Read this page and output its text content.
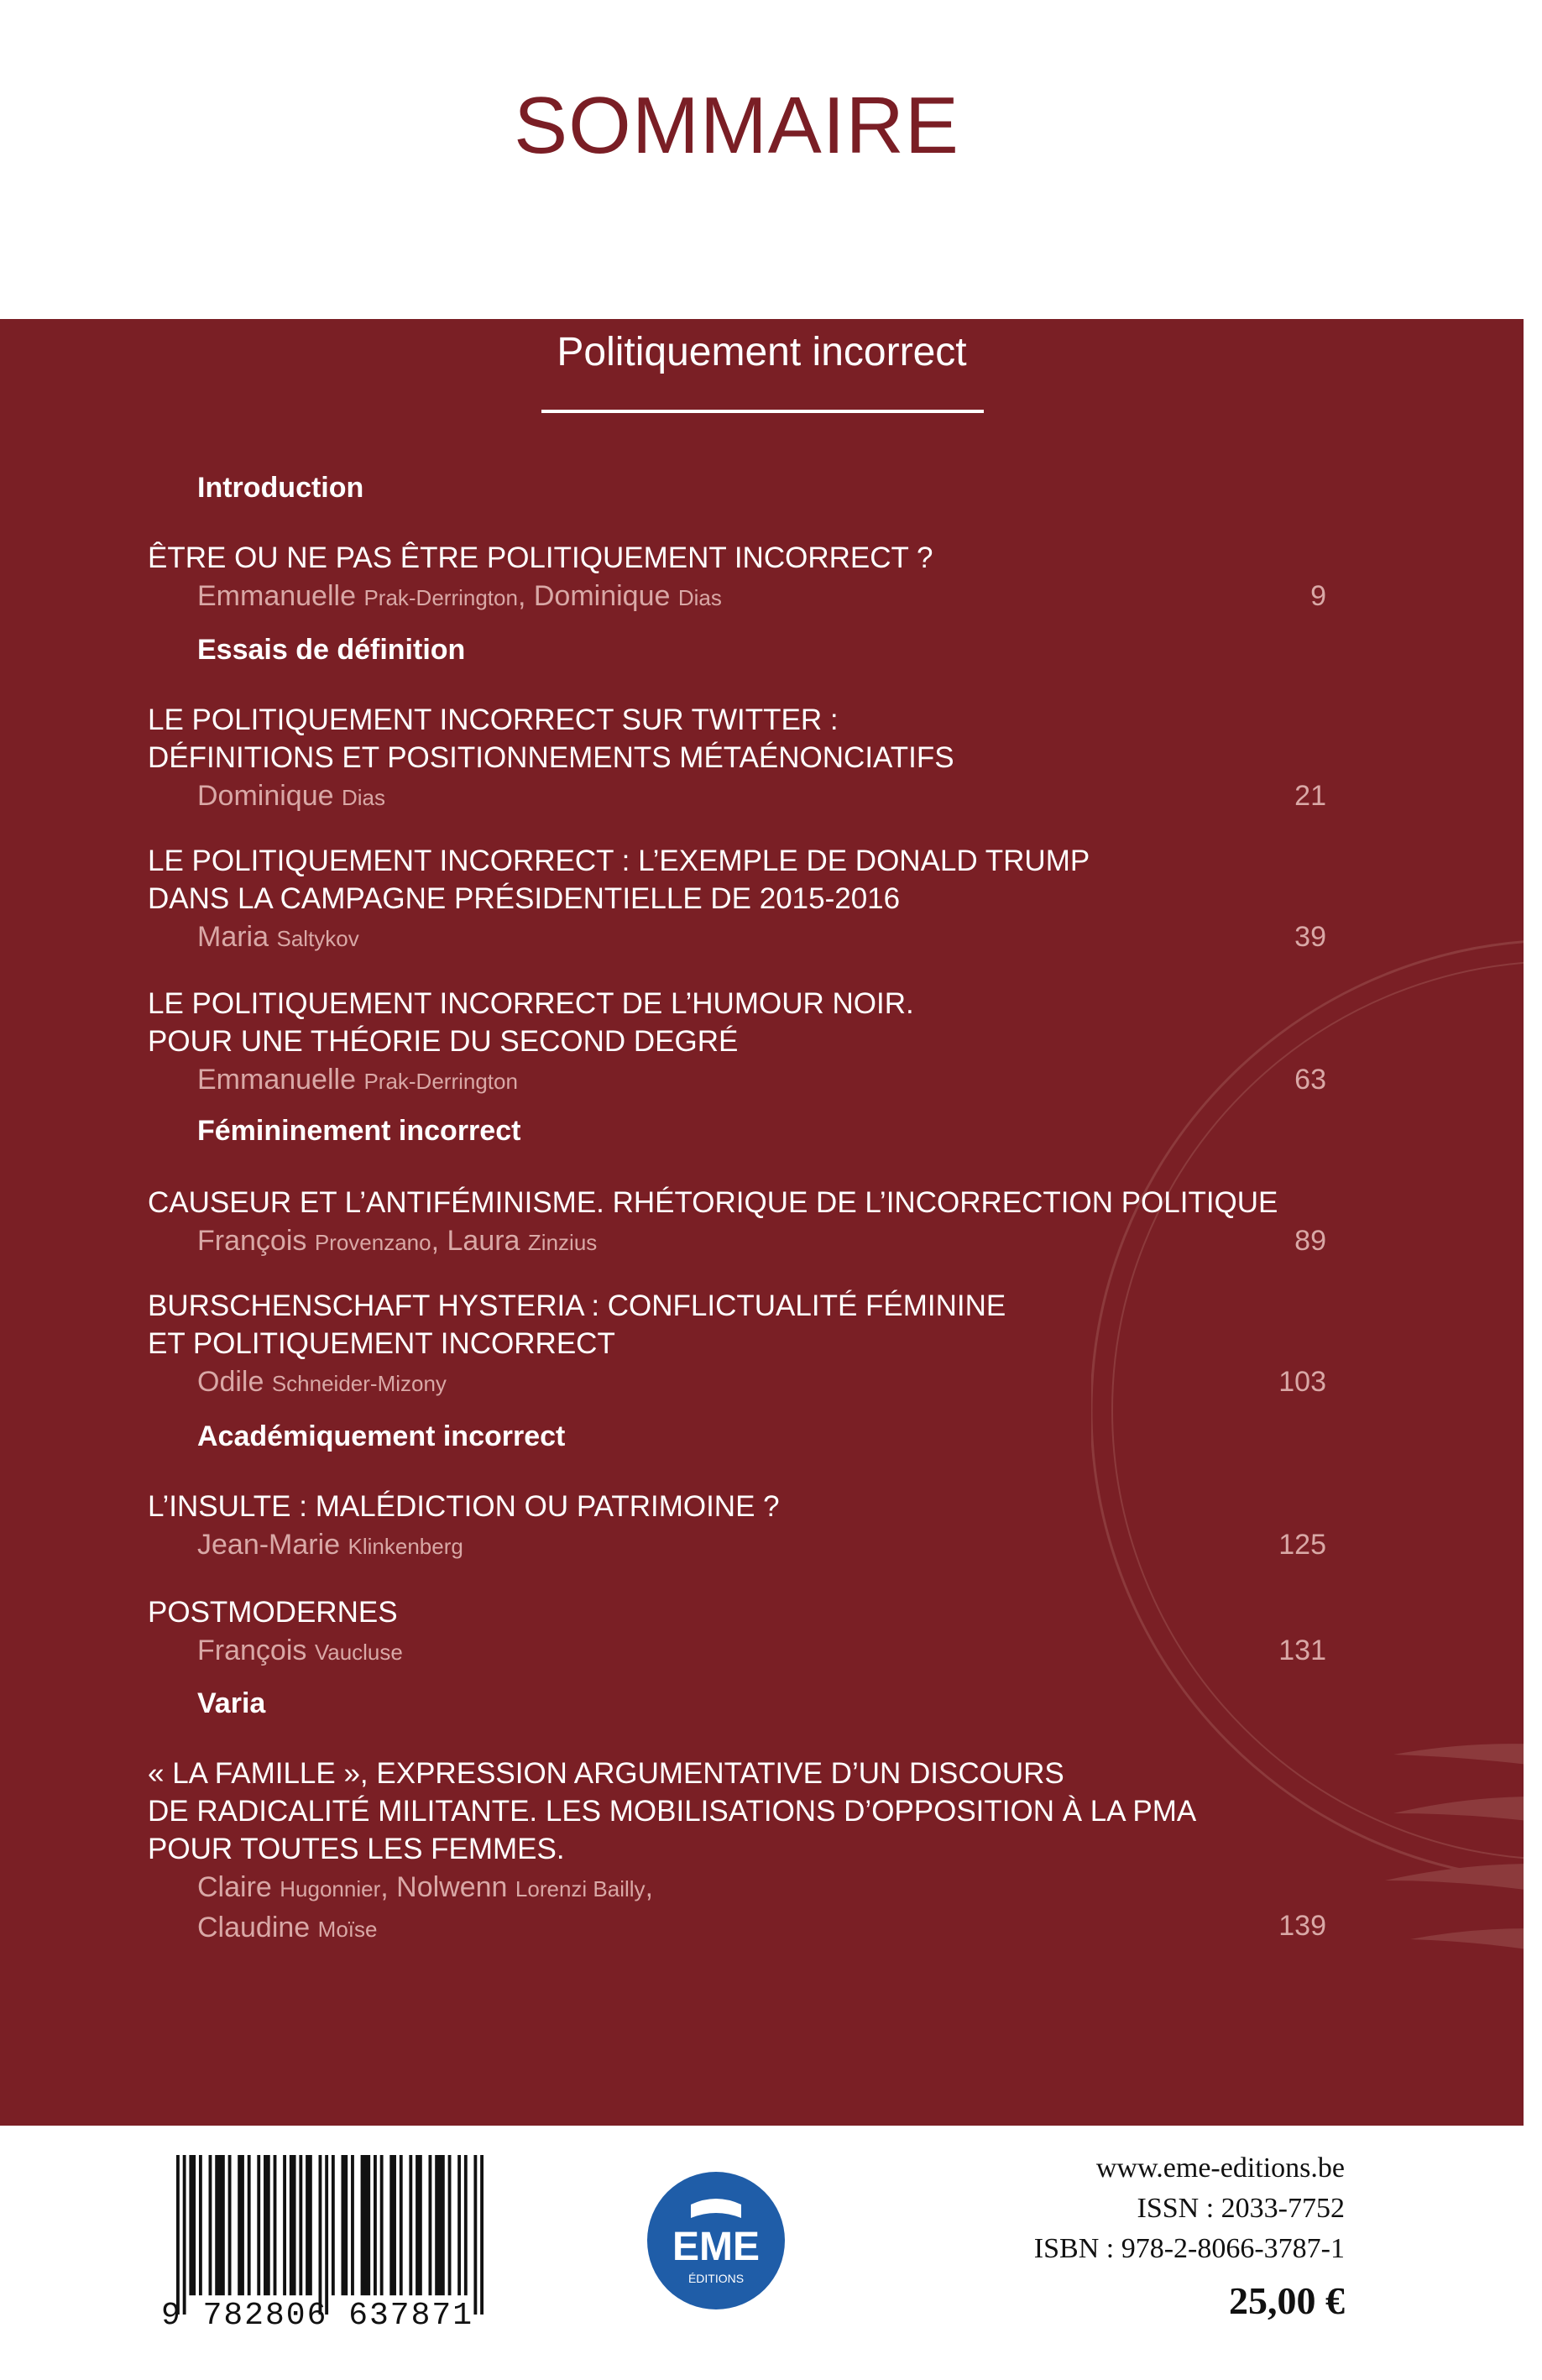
SOMMAIRE
Politiquement incorrect
Introduction
ÊTRE OU NE PAS ÊTRE POLITIQUEMENT INCORRECT ?
Emmanuelle Prak-Derrington, Dominique Dias	9
Essais de définition
LE POLITIQUEMENT INCORRECT SUR TWITTER :
DÉFINITIONS ET POSITIONNEMENTS MÉTAÉNONCIATIFS
Dominique Dias	21
LE POLITIQUEMENT INCORRECT : L’EXEMPLE DE DONALD TRUMP
DANS LA CAMPAGNE PRÉSIDENTIELLE DE 2015-2016
Maria Saltykov	39
LE POLITIQUEMENT INCORRECT DE L’HUMOUR NOIR.
POUR UNE THÉORIE DU SECOND DEGRÉ
Emmanuelle Prak-Derrington	63
Fémininement incorrect
CAUSEUR ET L’ANTIFÉMINISME. RHÉTORIQUE DE L’INCORRECTION POLITIQUE
François Provenzano, Laura Zinzius	89
BURSCHENSCHAFT HYSTERIA : CONFLICTUALITÉ FÉMININE
ET POLITIQUEMENT INCORRECT
Odile Schneider-Mizony	103
Académiquement incorrect
L’INSULTE : MALÉDICTION OU PATRIMOINE ?
Jean-Marie Klinkenberg	125
POSTMODERNES
François Vaucluse	131
Varia
« LA FAMILLE », EXPRESSION ARGUMENTATIVE D’UN DISCOURS
DE RADICALITÉ MILITANTE. LES MOBILISATIONS D’OPPOSITION À LA PMA
POUR TOUTES LES FEMMES.
Claire Hugonnier, Nolwenn Lorenzi Bailly,
Claudine Moïse	139
9 782806 637871
EME
ÉDITIONS
www.eme-editions.be
ISSN : 2033-7752
ISBN : 978-2-8066-3787-1
25,00 €
